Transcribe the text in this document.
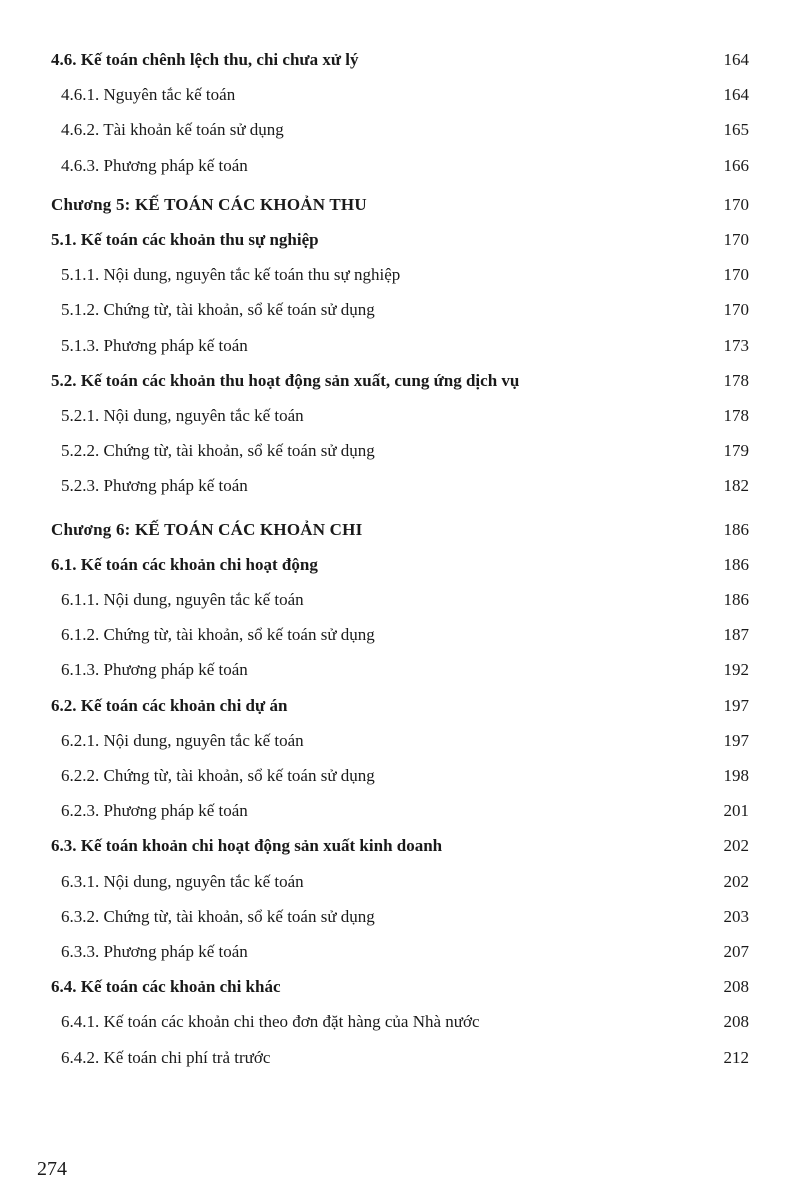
4.6. Kế toán chênh lệch thu, chi chưa xử lý	164
4.6.1. Nguyên tắc kế toán	164
4.6.2. Tài khoản kế toán sử dụng	165
4.6.3. Phương pháp kế toán	166
Chương 5: KẾ TOÁN CÁC KHOẢN THU	170
5.1. Kế toán các khoản thu sự nghiệp	170
5.1.1. Nội dung, nguyên tắc kế toán thu sự nghiệp	170
5.1.2. Chứng từ, tài khoản, sổ kế toán sử dụng	170
5.1.3. Phương pháp kế toán	173
5.2. Kế toán các khoản thu hoạt động sản xuất, cung ứng dịch vụ	178
5.2.1. Nội dung, nguyên tắc kế toán	178
5.2.2. Chứng từ, tài khoản, sổ kế toán sử dụng	179
5.2.3. Phương pháp kế toán	182
Chương 6: KẾ TOÁN CÁC KHOẢN CHI	186
6.1. Kế toán các khoản chi hoạt động	186
6.1.1. Nội dung, nguyên tắc kế toán	186
6.1.2. Chứng từ, tài khoản, sổ kế toán sử dụng	187
6.1.3. Phương pháp kế toán	192
6.2. Kế toán các khoản chi dự án	197
6.2.1. Nội dung, nguyên tắc kế toán	197
6.2.2. Chứng từ, tài khoản, sổ kế toán sử dụng	198
6.2.3. Phương pháp kế toán	201
6.3. Kế toán khoản chi hoạt động sản xuất kinh doanh	202
6.3.1. Nội dung, nguyên tắc kế toán	202
6.3.2. Chứng từ, tài khoản, sổ kế toán sử dụng	203
6.3.3. Phương pháp kế toán	207
6.4. Kế toán các khoản chi khác	208
6.4.1. Kế toán các khoản chi theo đơn đặt hàng của Nhà nước	208
6.4.2. Kế toán chi phí trả trước	212
274
